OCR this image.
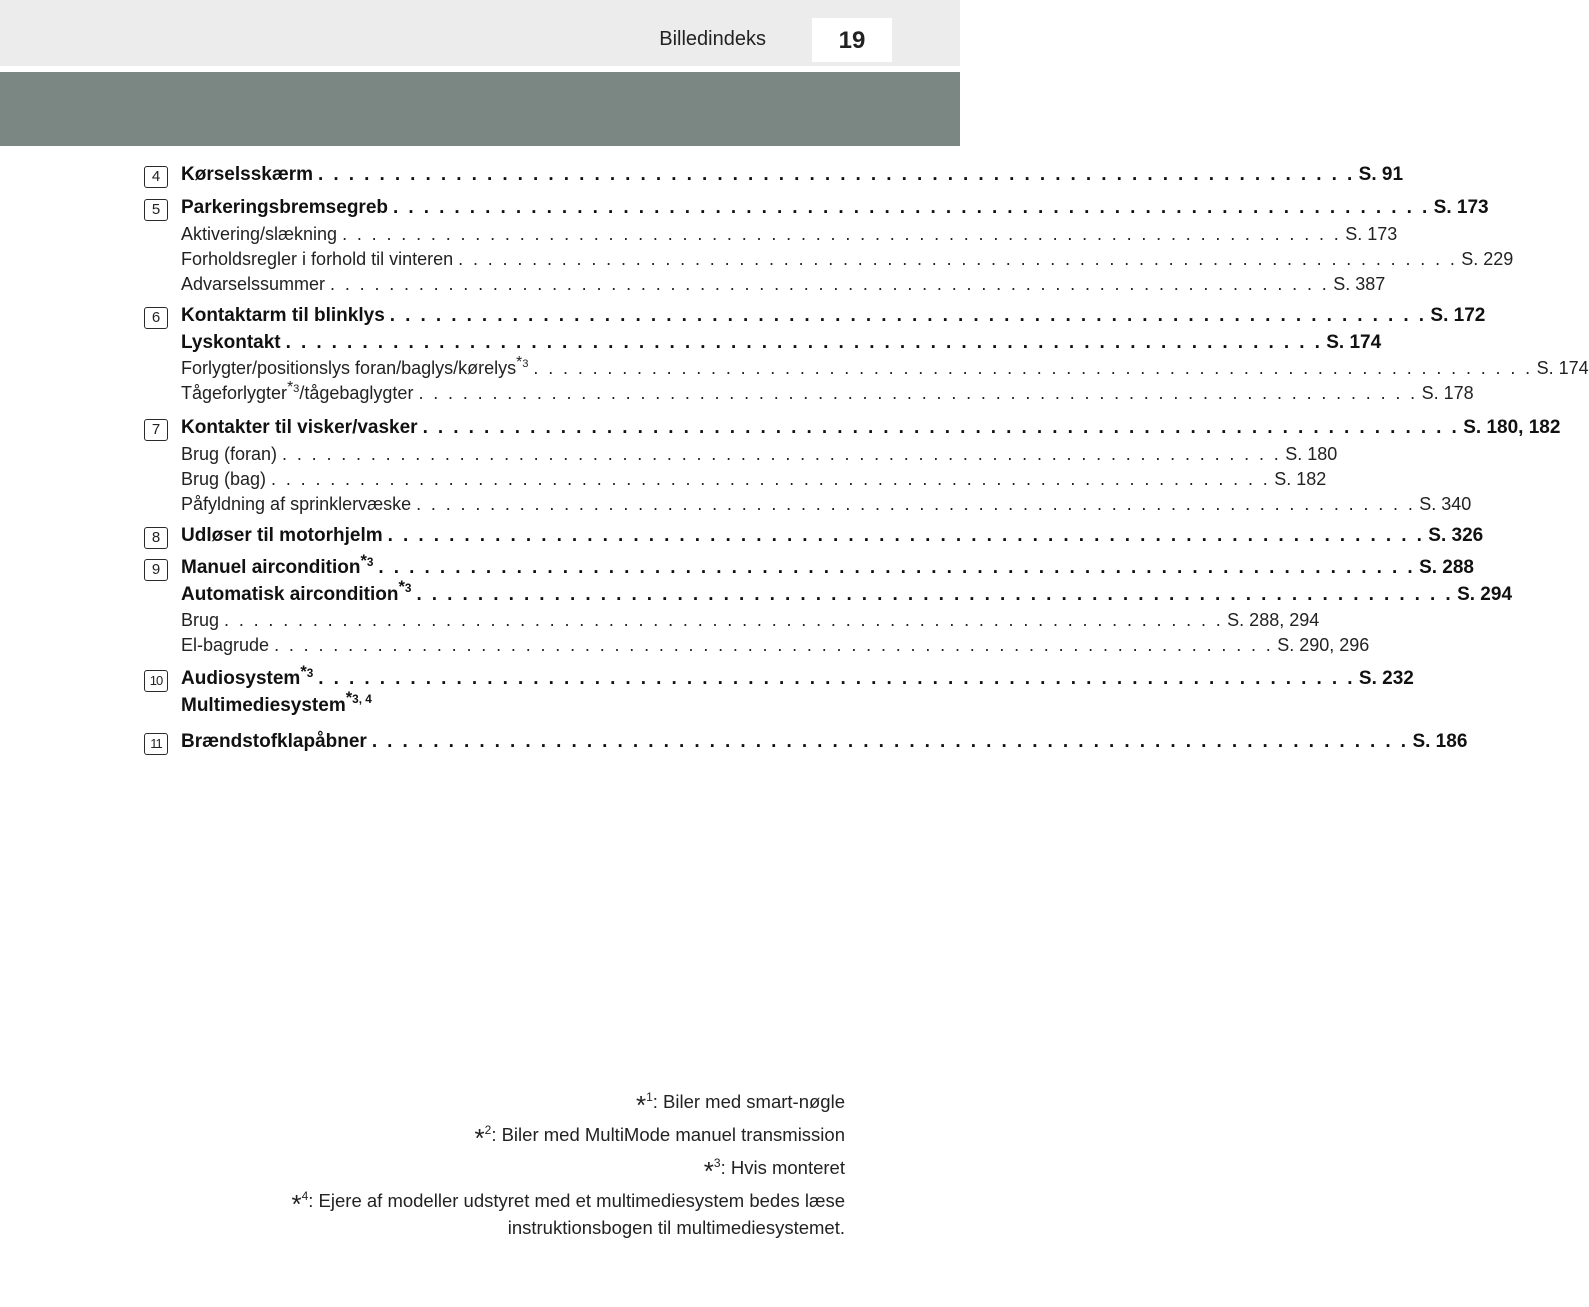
Billedindeks	19
4	Kørselsskærm . . . . . . . . . . . . . . . . . . . . . . . . . . . . . . . . . . . . . . . . . . . . . . . . . . . . . . . . . . . . . . . . . . . . S. 91
5	Parkeringsbremsegreb . . . . . . . . . . . . . . . . . . . . . . . . . . . . . . . . . . . . . . . . . . . . . . . . . . . . . . . . . . . . . . . . . . . . S. 173
Aktivering/slækning . . . . . . . . . . . . . . . . . . . . . . . . . . . . . . . . . . . . . . . . . . . . . . . . . . . . . . . . . . . . . . . . . . . . S. 173
Forholdsregler i forhold til vinteren . . . . . . . . . . . . . . . . . . . . . . . . . . . . . . . . . . . . . . . . . . . . . . . . . . . . . . . . . . . . . . . . . . . . S. 229
Advarselssummer . . . . . . . . . . . . . . . . . . . . . . . . . . . . . . . . . . . . . . . . . . . . . . . . . . . . . . . . . . . . . . . . . . . . S. 387
6	Kontaktarm til blinklys . . . . . . . . . . . . . . . . . . . . . . . . . . . . . . . . . . . . . . . . . . . . . . . . . . . . . . . . . . . . . . . . . . . . S. 172
Lyskontakt . . . . . . . . . . . . . . . . . . . . . . . . . . . . . . . . . . . . . . . . . . . . . . . . . . . . . . . . . . . . . . . . . . . . S. 174
Forlygter/positionslys foran/baglys/kørelys$^{*3}$ . . . . . . . . . . . . . . . . . . . . . . . . . . . . . . . . . . . . . . . . . . . . . . . . . . . . . . . . . . . . . . . . . . . . S. 174
Tågeforlygter$^{*3}$/tågebaglygter . . . . . . . . . . . . . . . . . . . . . . . . . . . . . . . . . . . . . . . . . . . . . . . . . . . . . . . . . . . . . . . . . . . . S. 178
7	Kontakter til visker/vasker . . . . . . . . . . . . . . . . . . . . . . . . . . . . . . . . . . . . . . . . . . . . . . . . . . . . . . . . . . . . . . . . . . . . S. 180, 182
Brug (foran) . . . . . . . . . . . . . . . . . . . . . . . . . . . . . . . . . . . . . . . . . . . . . . . . . . . . . . . . . . . . . . . . . . . . S. 180
Brug (bag) . . . . . . . . . . . . . . . . . . . . . . . . . . . . . . . . . . . . . . . . . . . . . . . . . . . . . . . . . . . . . . . . . . . . S. 182
Påfyldning af sprinklervæske . . . . . . . . . . . . . . . . . . . . . . . . . . . . . . . . . . . . . . . . . . . . . . . . . . . . . . . . . . . . . . . . . . . . S. 340
8	Udløser til motorhjelm . . . . . . . . . . . . . . . . . . . . . . . . . . . . . . . . . . . . . . . . . . . . . . . . . . . . . . . . . . . . . . . . . . . . S. 326
9	Manuel aircondition$^{*3}$ . . . . . . . . . . . . . . . . . . . . . . . . . . . . . . . . . . . . . . . . . . . . . . . . . . . . . . . . . . . . . . . . . . . . S. 288
Automatisk aircondition$^{*3}$ . . . . . . . . . . . . . . . . . . . . . . . . . . . . . . . . . . . . . . . . . . . . . . . . . . . . . . . . . . . . . . . . . . . . S. 294
Brug . . . . . . . . . . . . . . . . . . . . . . . . . . . . . . . . . . . . . . . . . . . . . . . . . . . . . . . . . . . . . . . . . . . . S. 288, 294
El-bagrude . . . . . . . . . . . . . . . . . . . . . . . . . . . . . . . . . . . . . . . . . . . . . . . . . . . . . . . . . . . . . . . . . . . . S. 290, 296
10 Audiosystem$^{*3}$ . . . . . . . . . . . . . . . . . . . . . . . . . . . . . . . . . . . . . . . . . . . . . . . . . . . . . . . . . . . . . . . . . . . . S. 232
Multimediesystem$^{*3, 4}$
11	Brændstofklapåbner . . . . . . . . . . . . . . . . . . . . . . . . . . . . . . . . . . . . . . . . . . . . . . . . . . . . . . . . . . . . . . . . . . . . S. 186
*$^1$: Biler med smart-nøgle
*$^2$: Biler med MultiMode manuel transmission
*$^3$: Hvis monteret
*$^4$: Ejere af modeller udstyret med et multimediesystem bedes læse
instruktionsbogen til multimediesystemet.
